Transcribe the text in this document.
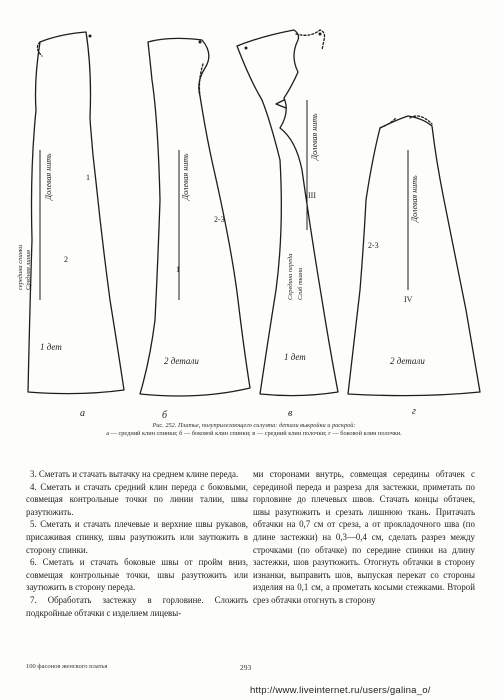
Долевая нить
Средняя линия
середина спинки
1
2
1 дет
а
Долевая нить
2-3
1
2 детали
б
Долевая нить
Середина переда Сгиб ткани
III
1 дет
в
Долевая нить
2-3
IV
2 детали
г
Рис. 252. Платье, полуприлегающего силуэта: детали выкройки и раскрой:
а — средний клин спинки; б — боковой клин спинки; в — средний клин полочки; г — боковой клин полочки.

3. Сметать и стачать вытачку на среднем клине переда.

4. Сметать и стачать средний клин переда с боковыми, совмещая контрольные точки по линии талии, швы разутюжить.

5. Сметать и стачать плечевые и верхние швы рукавов, присаживая спинку, швы разутюжить или заутюжить в сторону спинки.

6. Сметать и стачать боковые швы от пройм вниз, совмещая контрольные точки, швы разутюжить или заутюжить в сторону переда.

7. Обработать застежку в горловине. Сложить подкройные обтачки с изделием лицевы-

ми сторонами внутрь, совмещая середины обтачек с серединой переда и разреза для застежки, приметать по горловине до плечевых швов. Стачать концы обтачек, швы разутюжить и срезать лишнюю ткань. Притачать обтачки на 0,7 см от среза, а от прокладочного шва (по длине застежки) на 0,3—0,4 см, сделать разрез между строчками (по обтачке) по середине спинки на длину застежки, шов разутюжить. Отогнуть обтачки в сторону изнанки, выправить шов, выпуская перекат со стороны изделия на 0,1 см, а прометать косыми стежками. Второй срез обтачки отогнуть в сторону

100 фасонов женского платья	293
http://www.liveinternet.ru/users/galina_o/
